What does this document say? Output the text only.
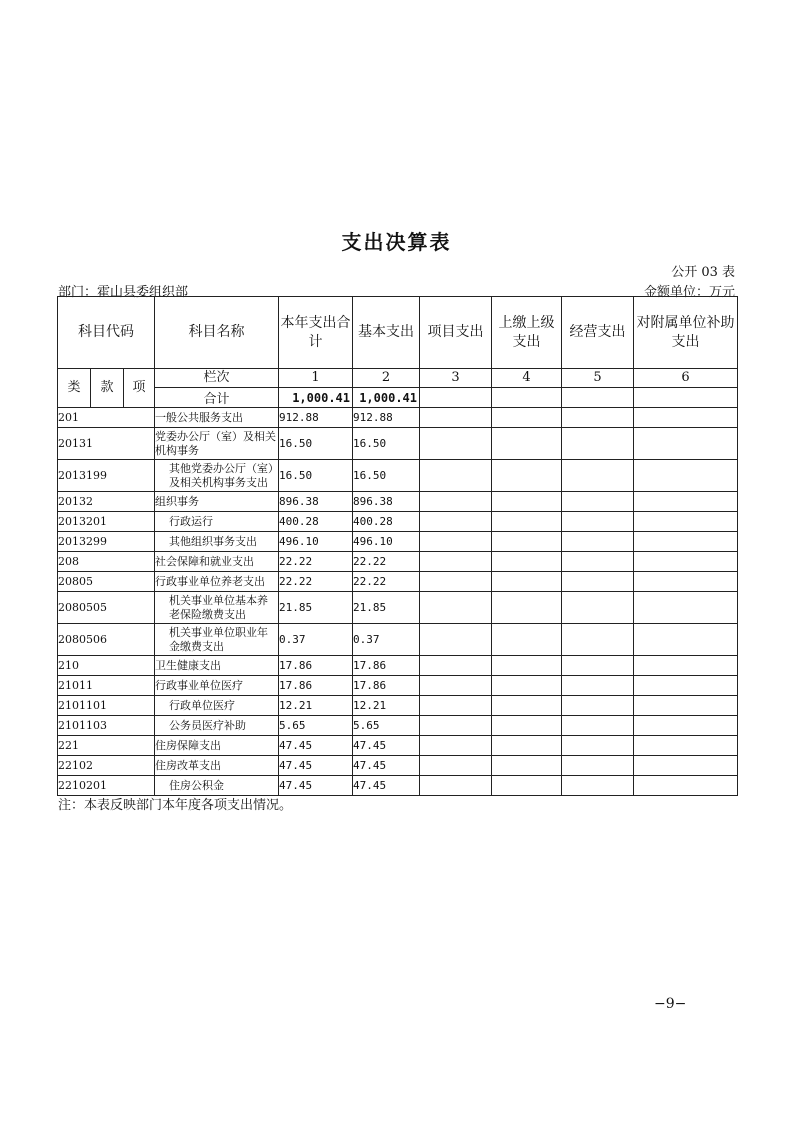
支出决算表
公开 03 表
部门：霍山县委组织部	金额单位：万元
科目代码			科目名称	本年支出合计	基本支出	项目支出	上缴上级支出	经营支出	对附属单位补助支出
类	款	项	栏次	1	2	3	4	5	6
			合计	1,000.41	1,000.41				
201			一般公共服务支出	912.88	912.88				
20131			党委办公厅（室）及相关机构事务	16.50	16.50				
2013199			其他党委办公厅（室）及相关机构事务支出	16.50	16.50				
20132			组织事务	896.38	896.38				
2013201			行政运行	400.28	400.28				
2013299			其他组织事务支出	496.10	496.10				
208			社会保障和就业支出	22.22	22.22				
20805			行政事业单位养老支出	22.22	22.22				
2080505			机关事业单位基本养老保险缴费支出	21.85	21.85				
2080506			机关事业单位职业年金缴费支出	0.37	0.37				
210			卫生健康支出	17.86	17.86				
21011			行政事业单位医疗	17.86	17.86				
2101101			行政单位医疗	12.21	12.21				
2101103			公务员医疗补助	5.65	5.65				
221			住房保障支出	47.45	47.45				
22102			住房改革支出	47.45	47.45				
2210201			住房公积金	47.45	47.45				
注：本表反映部门本年度各项支出情况。
−9−
